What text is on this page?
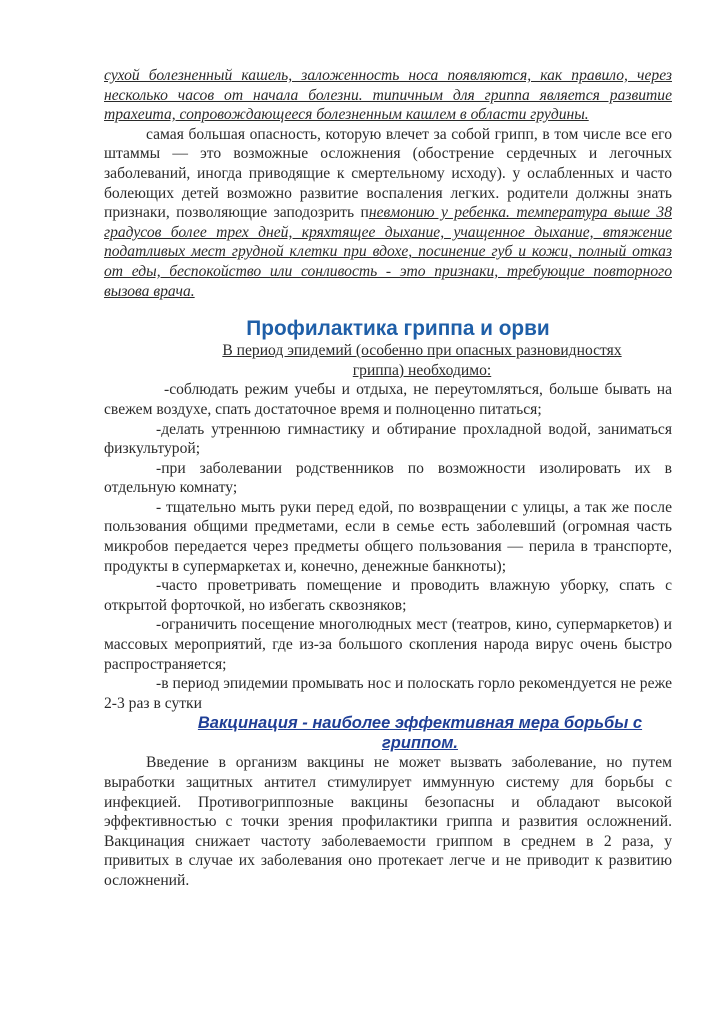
сухой болезненный кашель, заложенность носа появляются, как правило, через несколько часов от начала болезни. типичным для гриппа является развитие трахеита, сопровождающееся болезненным кашлем в области грудины.

самая большая опасность, которую влечет за собой грипп, в том числе все его штаммы — это возможные осложнения (обострение сердечных и легочных заболеваний, иногда приводящие к смертельному исходу). у ослабленных и часто болеющих детей возможно развитие воспаления легких. родители должны знать признаки, позволяющие заподозрить пневмонию у ребенка. температура выше 38 градусов более трех дней, кряхтящее дыхание, учащенное дыхание, втяжение податливых мест грудной клетки при вдохе, посинение губ и кожи, полный отказ от еды, беспокойство или сонливость - это признаки, требующие повторного вызова врача.

Профилактика гриппа и орви

В период эпидемий (особенно при опасных разновидностях гриппа) необходимо:

-соблюдать режим учебы и отдыха, не переутомляться, больше бывать на свежем воздухе, спать достаточное время и полноценно питаться;

-делать утреннюю гимнастику и обтирание прохладной водой, заниматься физкультурой;

-при заболевании родственников по возможности изолировать их в отдельную комнату;

- тщательно мыть руки перед едой, по возвращении с улицы, а так же после пользования общими предметами, если в семье есть заболевший (огромная часть микробов передается через предметы общего пользования — перила в транспорте, продукты в супермаркетах и, конечно, денежные банкноты);

-часто проветривать помещение и проводить влажную уборку, спать с открытой форточкой, но избегать сквозняков;

-ограничить посещение многолюдных мест (театров, кино, супермаркетов) и массовых мероприятий, где из-за большого скопления народа вирус очень быстро распространяется;

-в период эпидемии промывать нос и полоскать горло рекомендуется не реже 2-3 раз в сутки

Вакцинация - наиболее эффективная мера борьбы с гриппом.

Введение в организм вакцины не может вызвать заболевание, но путем выработки защитных антител стимулирует иммунную систему для борьбы с инфекцией. Противогриппозные вакцины безопасны и обладают высокой эффективностью с точки зрения профилактики гриппа и развития осложнений. Вакцинация снижает частоту заболеваемости гриппом в среднем в 2 раза, у привитых в случае их заболевания оно протекает легче и не приводит к развитию осложнений.
